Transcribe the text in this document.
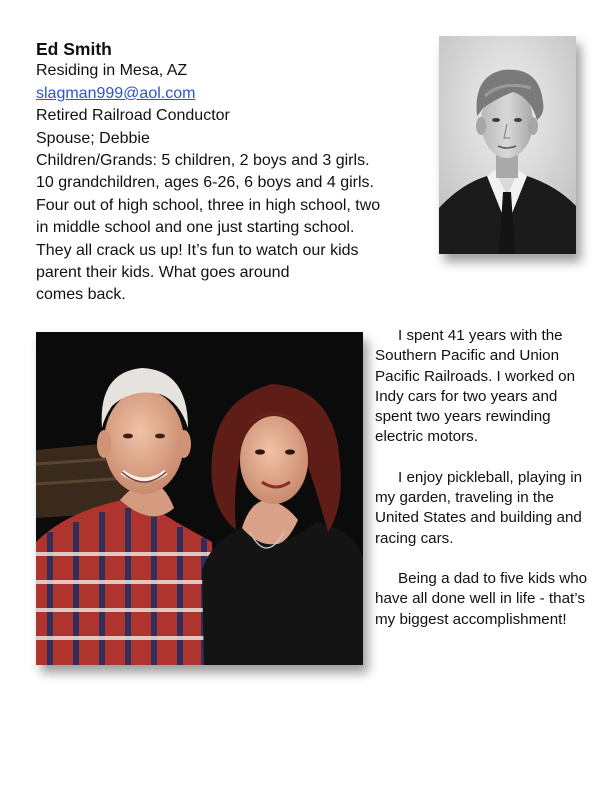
Ed Smith
Residing in Mesa, AZ
slagman999@aol.com
Retired Railroad Conductor
Spouse; Debbie
Children/Grands: 5 children, 2 boys and 3 girls.
10 grandchildren, ages 6-26, 6 boys and 4 girls.
Four out of high school, three in high school, two
in middle school and one just starting school.
They all crack us up! It’s fun to watch our kids
parent their kids. What goes around
comes back.

I spent 41 years with the Southern Pacific and Union Pacific Railroads. I worked on Indy cars for two years and spent two years rewinding electric motors.

I enjoy pickleball, playing in my garden, traveling in the United States and building and racing cars.

Being a dad to five kids who have all done well in life - that’s my biggest accomplishment!
